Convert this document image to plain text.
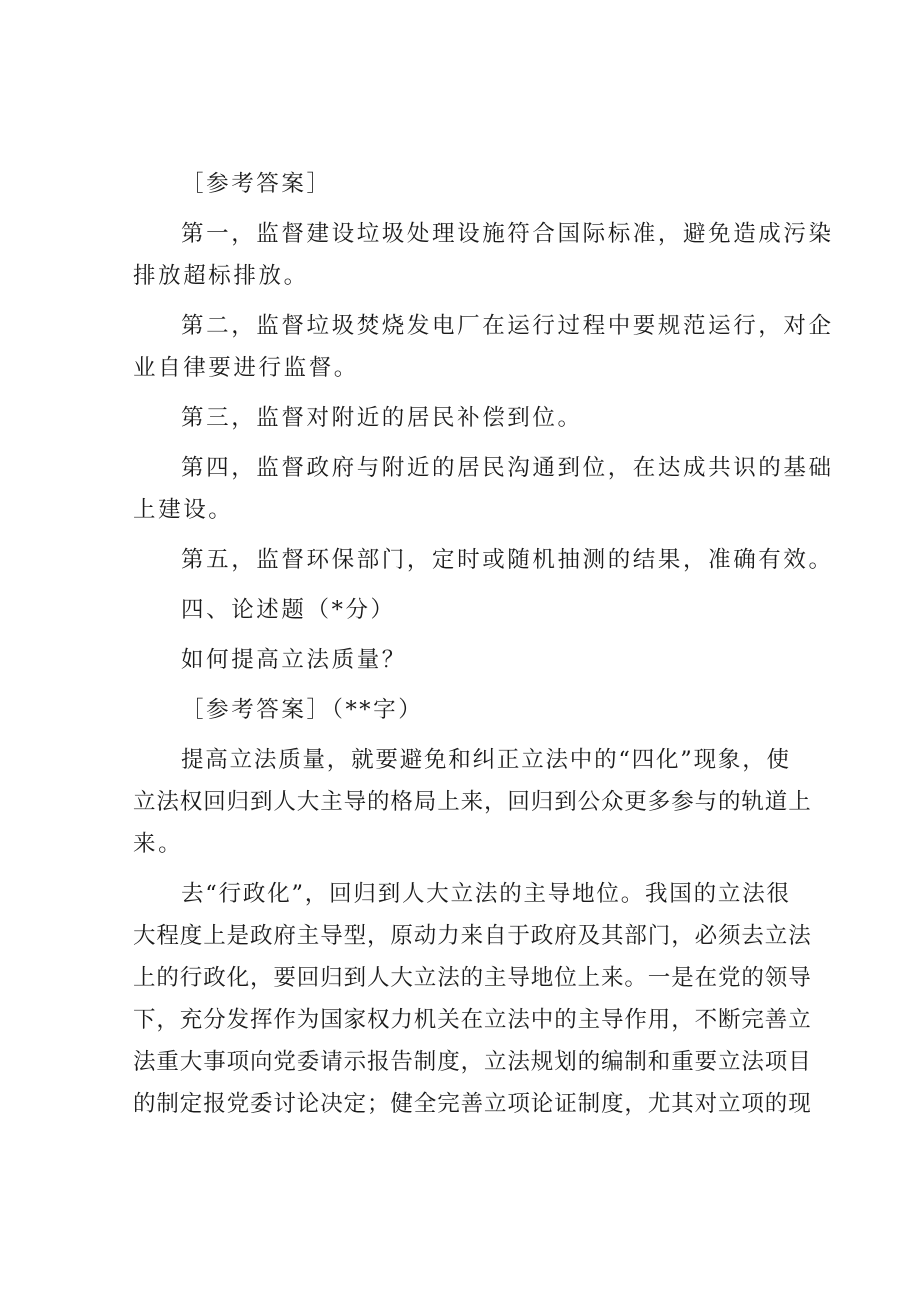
［参考答案］
第一，监督建设垃圾处理设施符合国际标准，避免造成污染
排放超标排放。
第二，监督垃圾焚烧发电厂在运行过程中要规范运行，对企
业自律要进行监督。
第三，监督对附近的居民补偿到位。
第四，监督政府与附近的居民沟通到位，在达成共识的基础
上建设。
第五，监督环保部门，定时或随机抽测的结果，准确有效。
四、论述题（*分）
如何提高立法质量？
［参考答案］（**字）
提高立法质量，就要避免和纠正立法中的“四化”现象，使
立法权回归到人大主导的格局上来，回归到公众更多参与的轨道上
来。
去“行政化”，回归到人大立法的主导地位。我国的立法很
大程度上是政府主导型，原动力来自于政府及其部门，必须去立法
上的行政化，要回归到人大立法的主导地位上来。一是在党的领导
下，充分发挥作为国家权力机关在立法中的主导作用，不断完善立
法重大事项向党委请示报告制度，立法规划的编制和重要立法项目
的制定报党委讨论决定；健全完善立项论证制度，尤其对立项的现
